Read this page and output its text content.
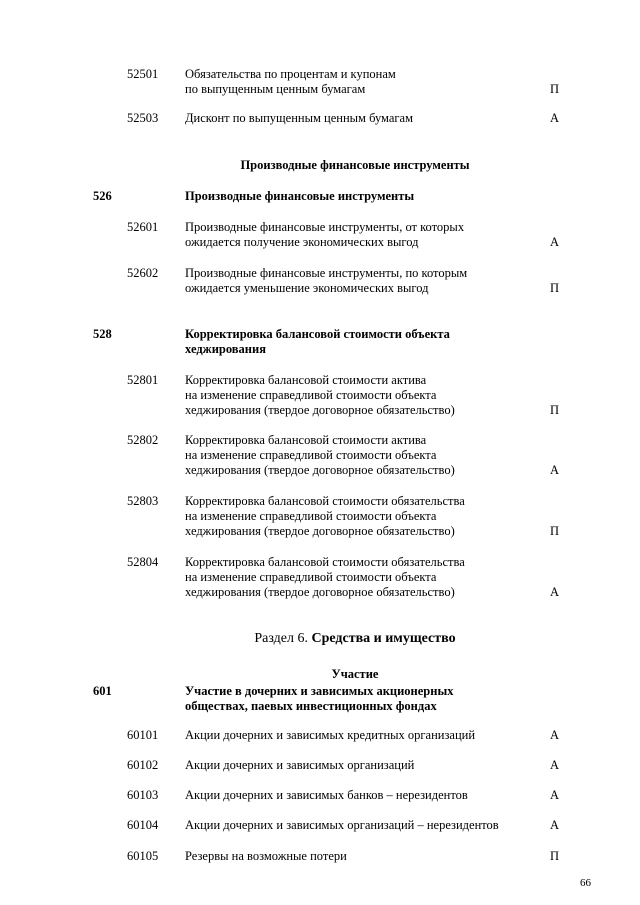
52501 Обязательства по процентам и купонам
по выпущенным ценным бумагам	П
52503 Дисконт по выпущенным ценным бумагам	А
Производные финансовые инструменты
526	Производные финансовые инструменты
52601 Производные финансовые инструменты, от которых
ожидается получение экономических выгод	А
52602 Производные финансовые инструменты, по которым
ожидается уменьшение экономических выгод	П
528	Корректировка балансовой стоимости объекта
хеджирования
52801 Корректировка балансовой стоимости актива
на изменение справедливой стоимости объекта
хеджирования (твердое договорное обязательство)	П
52802 Корректировка балансовой стоимости актива
на изменение справедливой стоимости объекта
хеджирования (твердое договорное обязательство)	А
52803 Корректировка балансовой стоимости обязательства
на изменение справедливой стоимости объекта
хеджирования (твердое договорное обязательство)	П
52804 Корректировка балансовой стоимости обязательства
на изменение справедливой стоимости объекта
хеджирования (твердое договорное обязательство)	А
Раздел 6. Средства и имущество
Участие
601	Участие в дочерних и зависимых акционерных
обществах, паевых инвестиционных фондах
60101 Акции дочерних и зависимых кредитных организаций	А
60102 Акции дочерних и зависимых организаций	А
60103 Акции дочерних и зависимых банков – нерезидентов	А
60104 Акции дочерних и зависимых организаций – нерезидентов	А
60105 Резервы на возможные потери	П
66
